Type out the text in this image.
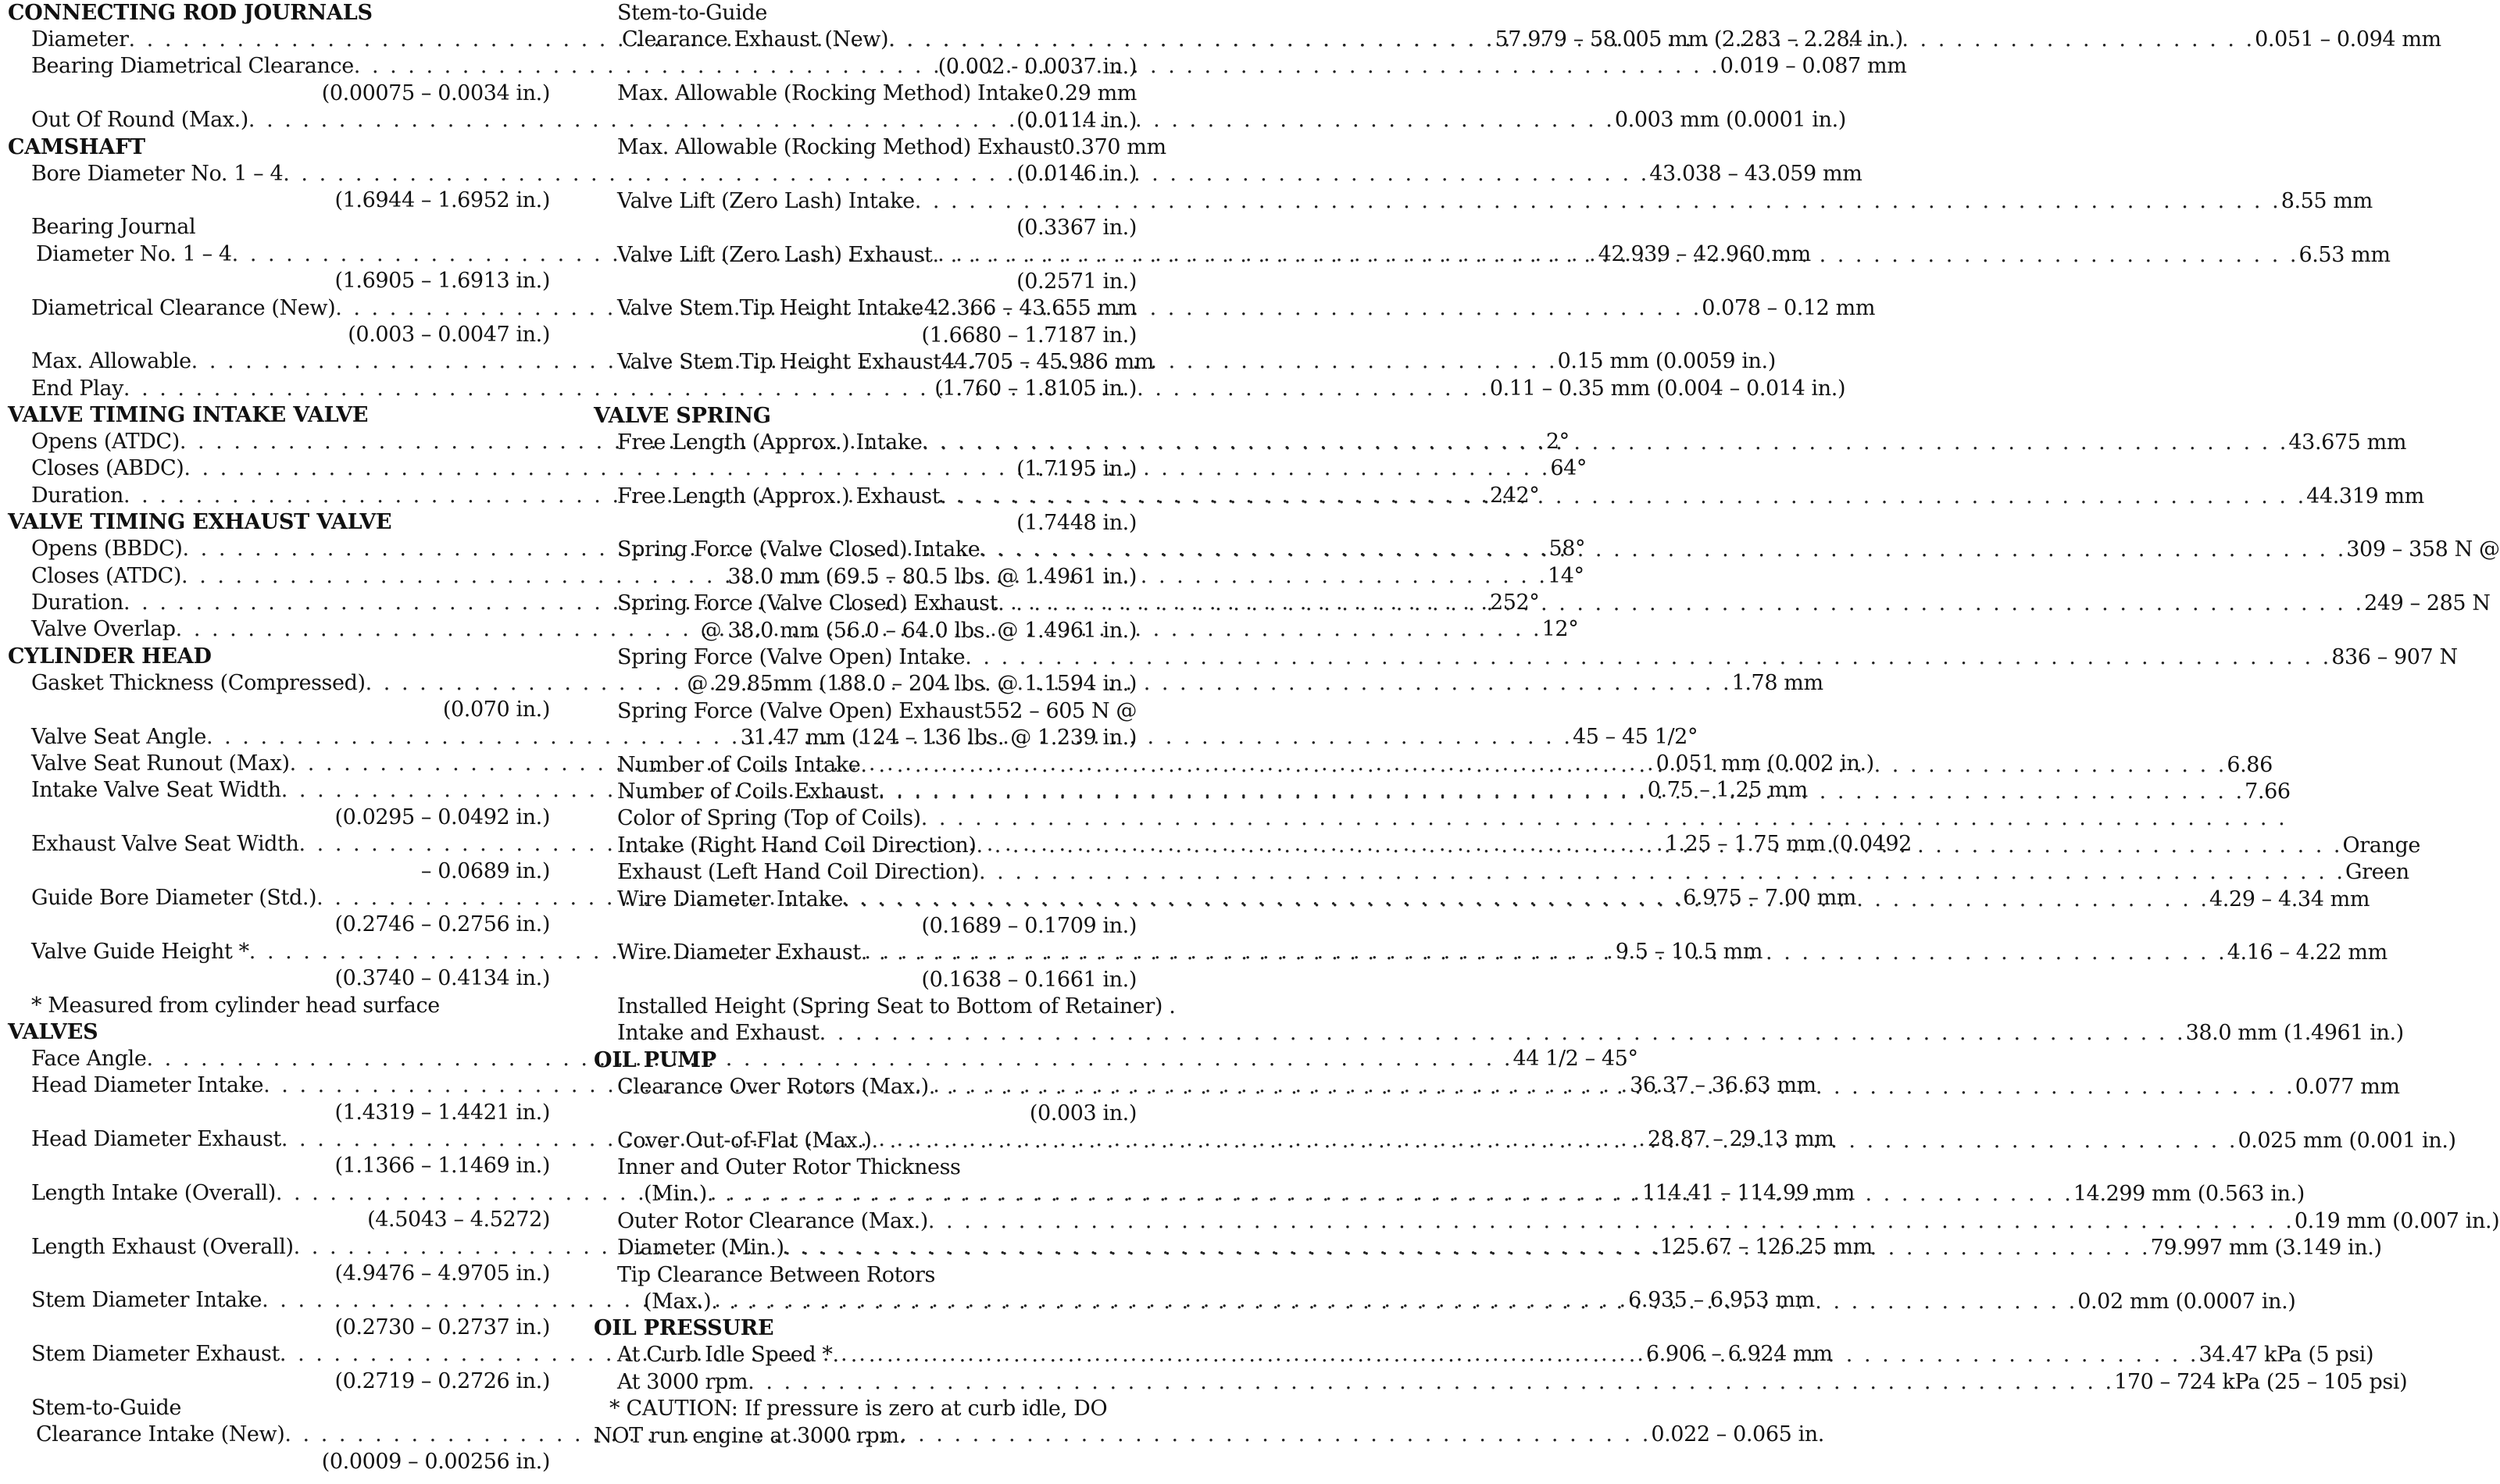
CONNECTING ROD JOURNALS
Diameter . . .	57.979 – 58.005 mm (2.283 – 2.284 in.)
Bearing Diametrical Clearance . . .	0.019 – 0.087 mm
(0.00075 – 0.0034 in.)
Out Of Round (Max.) . . .	0.003 mm (0.0001 in.)
CAMSHAFT
Bore Diameter No. 1 – 4 . . .	43.038 – 43.059 mm
(1.6944 – 1.6952 in.)
Bearing Journal
Diameter No. 1 – 4 . . .	42.939 – 42.960 mm
(1.6905 – 1.6913 in.)
Diametrical Clearance (New) . . .	0.078 – 0.12 mm
(0.003 – 0.0047 in.)
Max. Allowable . . .	0.15 mm (0.0059 in.)
End Play . . .	0.11 – 0.35 mm (0.004 – 0.014 in.)
VALVE TIMING INTAKE VALVE
Opens (ATDC) . . .	2°
Closes (ABDC) . . .	64°
Duration . . .	242°
VALVE TIMING EXHAUST VALVE
Opens (BBDC) . . .	58°
Closes (ATDC) . . .	14°
Duration . . .	252°
Valve Overlap . . .	12°
CYLINDER HEAD
Gasket Thickness (Compressed) . . .	1.78 mm
(0.070 in.)
Valve Seat Angle . . .	45 – 45 1/2°
Valve Seat Runout (Max) . . .	0.051 mm (0.002 in.)
Intake Valve Seat Width . . .	0.75 – 1.25 mm
(0.0295 – 0.0492 in.)
Exhaust Valve Seat Width . . .	1.25 – 1.75 mm (0.0492
– 0.0689 in.)
Guide Bore Diameter (Std.) . . .	6.975 – 7.00 mm
(0.2746 – 0.2756 in.)
Valve Guide Height * . . .	9.5 – 10.5 mm
(0.3740 – 0.4134 in.)
* Measured from cylinder head surface
VALVES
Face Angle . . .	44 1/2 – 45°
Head Diameter Intake . . .	36.37 – 36.63 mm
(1.4319 – 1.4421 in.)
Head Diameter Exhaust . . .	28.87 – 29.13 mm
(1.1366 – 1.1469 in.)
Length Intake (Overall) . . .	114.41 – 114.99 mm
(4.5043 – 4.5272)
Length Exhaust (Overall) . . .	125.67 – 126.25 mm
(4.9476 – 4.9705 in.)
Stem Diameter Intake . . .	6.935 – 6.953 mm
(0.2730 – 0.2737 in.)
Stem Diameter Exhaust . . .	6.906 – 6.924 mm
(0.2719 – 0.2726 in.)
Stem-to-Guide
Clearance Intake (New) . . .	0.022 – 0.065 in.
(0.0009 – 0.00256 in.)
Stem-to-Guide
Clearance Exhaust (New) . . .	0.051 – 0.094 mm
(0.002 - 0.0037 in.)
Max. Allowable (Rocking Method) Intake . . . 0.29 mm
(0.0114 in.)
Max. Allowable (Rocking Method) Exhaust 0.370 mm
(0.0146 in.)
Valve Lift (Zero Lash) Intake . . .	8.55 mm
(0.3367 in.)
Valve Lift (Zero Lash) Exhaust . . .	6.53 mm
(0.2571 in.)
Valve Stem Tip Height Intake . . . 42.366 – 43.655 mm
(1.6680 – 1.7187 in.)
Valve Stem Tip Height Exhaust 44.705 – 45.986 mm
(1.760 – 1.8105 in.)
VALVE SPRING
Free Length (Approx.) Intake . . .	43.675 mm
(1.7195 in.)
Free Length (Approx.) Exhaust . . .	44.319 mm
(1.7448 in.)
Spring Force (Valve Closed) Intake . . .	309 – 358 N @
38.0 mm (69.5 – 80.5 lbs. @ 1.4961 in.)
Spring Force (Valve Closed) Exhaust . . .	249 – 285 N
@ 38.0 mm (56.0 – 64.0 lbs. @ 1.4961 in.)
Spring Force (Valve Open) Intake . . .	836 – 907 N
@ 29.85mm (188.0 – 204 lbs. @ 1.1594 in.)
Spring Force (Valve Open) Exhaust . . . 552 – 605 N @
31.47 mm (124 – 136 lbs. @ 1.239 in.)
Number of Coils Intake . . .	6.86
Number of Coils Exhaust . . .	7.66
Color of Spring (Top of Coils)
. . .
Intake (Right Hand Coil Direction) . . .	Orange
Exhaust (Left Hand Coil Direction) . . .	Green
Wire Diameter Intake . . .	4.29 – 4.34 mm
(0.1689 – 0.1709 in.)
Wire Diameter Exhaust . . .	4.16 – 4.22 mm
(0.1638 – 0.1661 in.)
Installed Height (Spring Seat to Bottom of Retainer) .
Intake and Exhaust . . .	38.0 mm (1.4961 in.)
OIL PUMP
Clearance Over Rotors (Max.) . . .	0.077 mm
(0.003 in.)
Cover Out-of-Flat (Max.) . . .	0.025 mm (0.001 in.)
Inner and Outer Rotor Thickness
(Min.) . . .	14.299 mm (0.563 in.)
Outer Rotor Clearance (Max.) . . .	0.19 mm (0.007 in.)
Diameter (Min.) . . .	79.997 mm (3.149 in.)
Tip Clearance Between Rotors
(Max.) . . .	0.02 mm (0.0007 in.)
OIL PRESSURE
At Curb Idle Speed * . . .	34.47 kPa (5 psi)
At 3000 rpm . . .	170 – 724 kPa (25 – 105 psi)
* CAUTION: If pressure is zero at curb idle, DO
NOT run engine at 3000 rpm.
